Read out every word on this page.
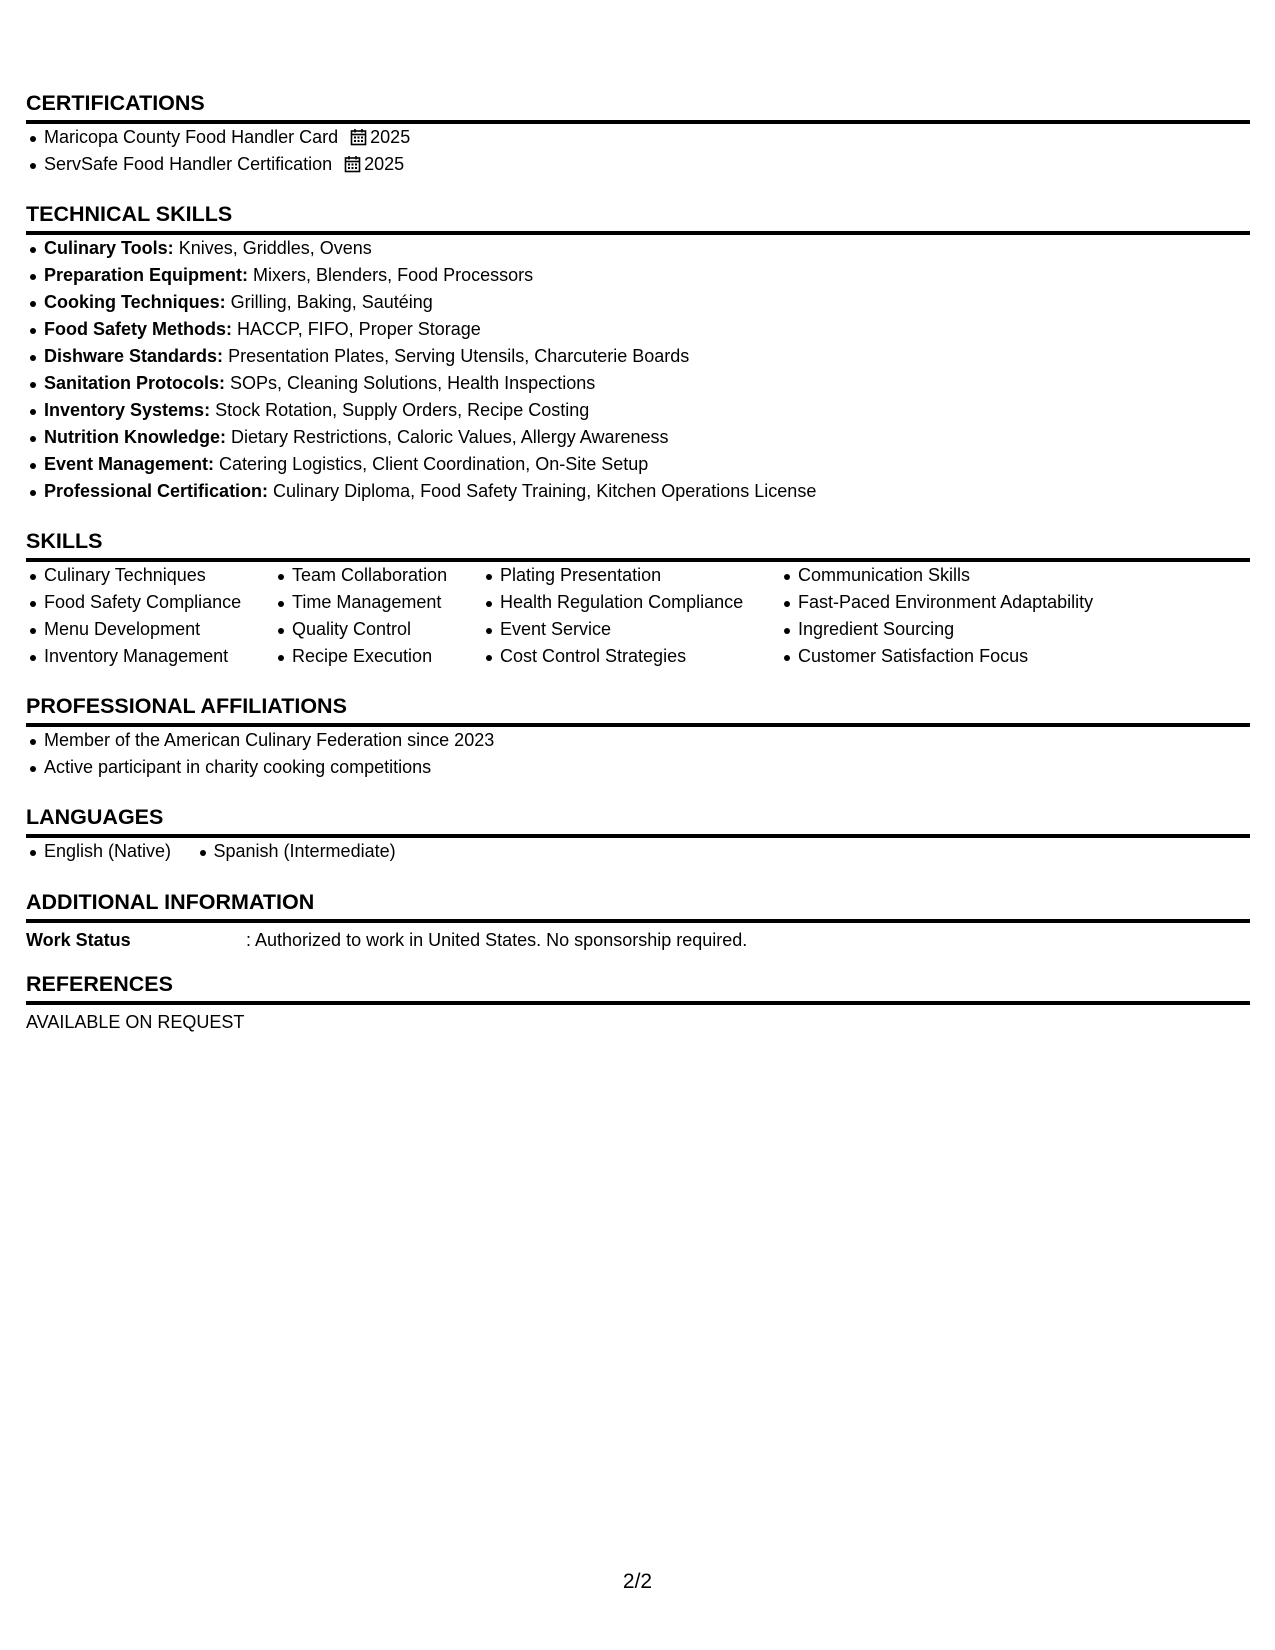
CERTIFICATIONS
Maricopa County Food Handler Card 2025
ServSafe Food Handler Certification 2025
TECHNICAL SKILLS
Culinary Tools: Knives, Griddles, Ovens
Preparation Equipment: Mixers, Blenders, Food Processors
Cooking Techniques: Grilling, Baking, Sautéing
Food Safety Methods: HACCP, FIFO, Proper Storage
Dishware Standards: Presentation Plates, Serving Utensils, Charcuterie Boards
Sanitation Protocols: SOPs, Cleaning Solutions, Health Inspections
Inventory Systems: Stock Rotation, Supply Orders, Recipe Costing
Nutrition Knowledge: Dietary Restrictions, Caloric Values, Allergy Awareness
Event Management: Catering Logistics, Client Coordination, On-Site Setup
Professional Certification: Culinary Diploma, Food Safety Training, Kitchen Operations License
SKILLS
Culinary Techniques
Food Safety Compliance
Menu Development
Inventory Management
Team Collaboration
Time Management
Quality Control
Recipe Execution
Plating Presentation
Health Regulation Compliance
Event Service
Cost Control Strategies
Communication Skills
Fast-Paced Environment Adaptability
Ingredient Sourcing
Customer Satisfaction Focus
PROFESSIONAL AFFILIATIONS
Member of the American Culinary Federation since 2023
Active participant in charity cooking competitions
LANGUAGES
English (Native) Spanish (Intermediate)
ADDITIONAL INFORMATION
Work Status	: Authorized to work in United States. No sponsorship required.
REFERENCES
AVAILABLE ON REQUEST
2/2
